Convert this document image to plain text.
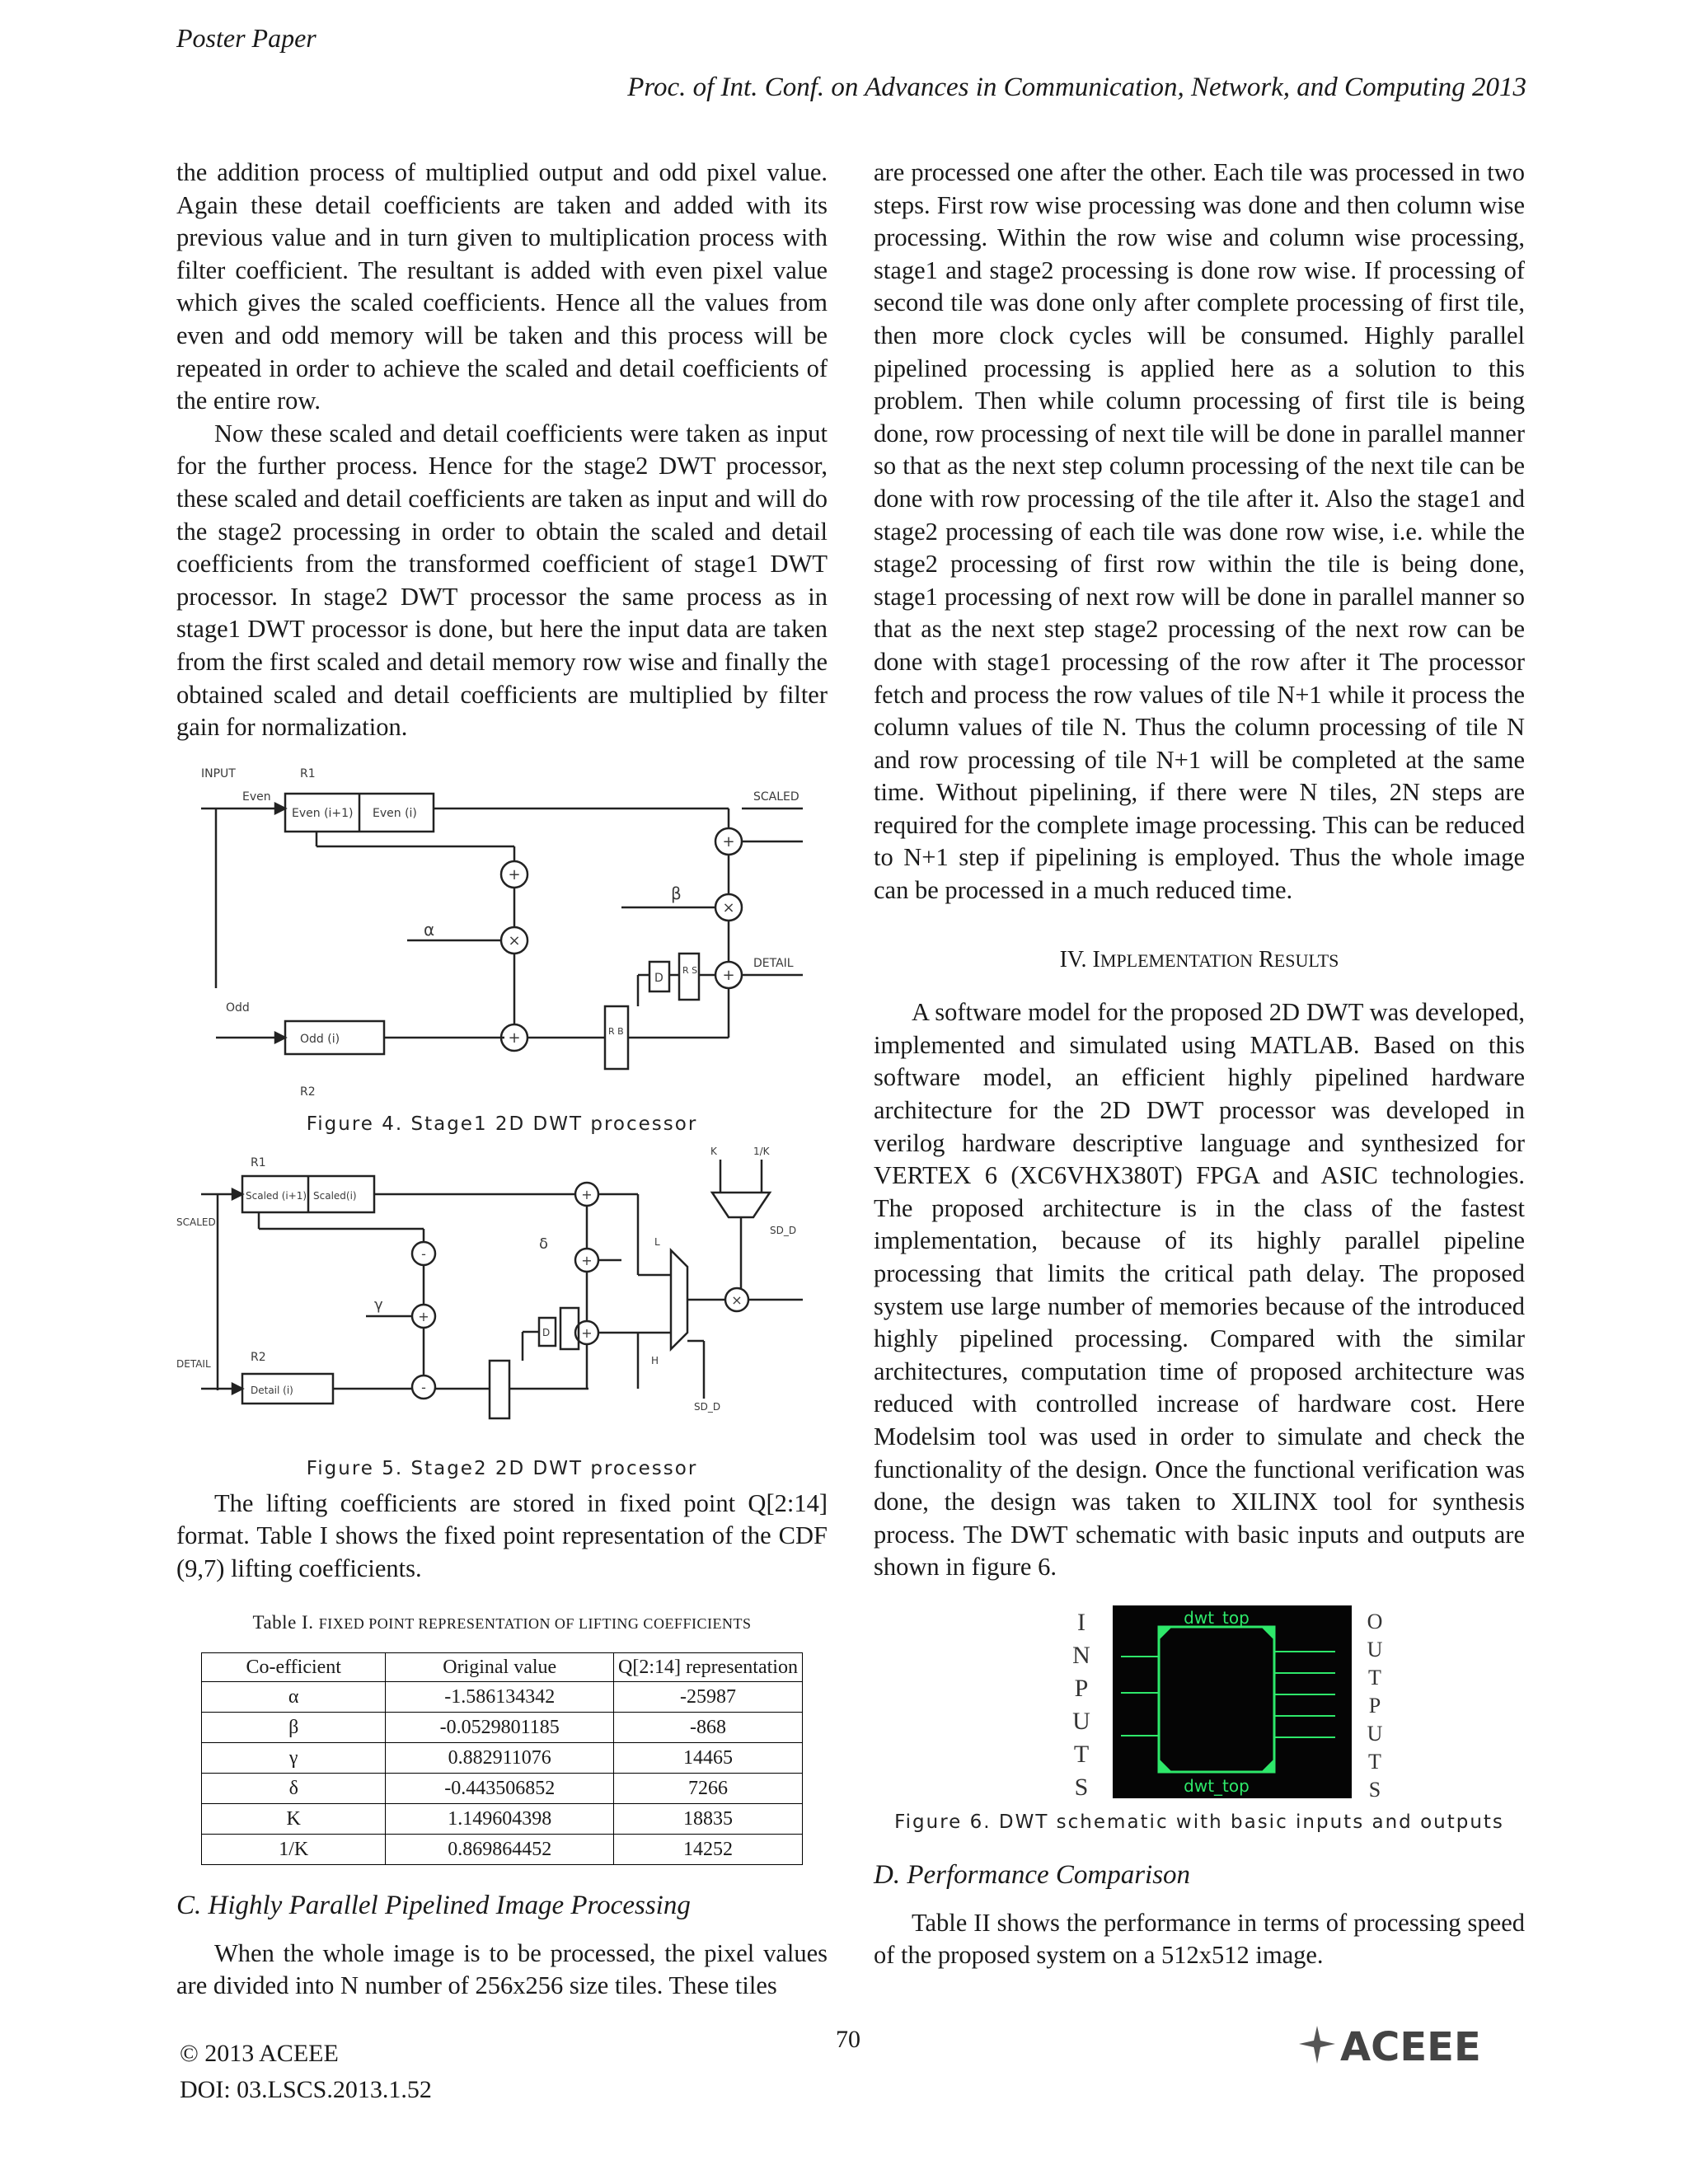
Poster Paper
Proc. of Int. Conf. on Advances in Communication, Network, and Computing 2013

the addition process of multiplied output and odd pixel value. Again these detail coefficients are taken and added with its previous value and in turn given to multiplication process with filter coefficient. The resultant is added with even pixel value which gives the scaled coefficients. Hence all the values from even and odd memory will be taken and this process will be repeated in order to achieve the scaled and detail coefficients of the entire row.

Now these scaled and detail coefficients were taken as input for the further process. Hence for the stage2 DWT processor, these scaled and detail coefficients are taken as input and will do the stage2 processing in order to obtain the scaled and detail coefficients from the transformed coefficient of stage1 DWT processor. In stage2 DWT processor the same process as in stage1 DWT processor is done, but here the input data are taken from the first scaled and detail memory row wise and finally the obtained scaled and detail coefficients are multiplied by filter gain for normalization.

INPUT	R1
Even
Even (i+1) Even (i)
SCALED
β
α
Odd
Odd (i)
DETAIL
R2
D
R B
R S
+
×
+
+
×
+
Figure 4. Stage1 2D DWT processor
R1
Scaled (i+1) Scaled(i)
SCALED
K	1/K
SD_D
δ
γ
L
H
DETAIL	R2
Detail (i)
SD_D
D
-
+
-
+
+
+
×
Figure 5. Stage2 2D DWT processor

The lifting coefficients are stored in fixed point Q[2:14] format. Table I shows the fixed point representation of the CDF (9,7) lifting coefficients.

Table I. FIXED POINT REPRESENTATION OF LIFTING COEFFICIENTS
Co-efficient	Original value	Q[2:14] representation
α	-1.586134342	-25987
β	-0.0529801185	-868
γ	0.882911076	14465
δ	-0.443506852	7266
K	1.149604398	18835
1/K	0.869864452	14252
C. Highly Parallel Pipelined Image Processing

When the whole image is to be processed, the pixel values are divided into N number of 256x256 size tiles. These tiles

are processed one after the other. Each tile was processed in two steps. First row wise processing was done and then column wise processing. Within the row wise and column wise processing, stage1 and stage2 processing is done row wise. If processing of second tile was done only after complete processing of first tile, then more clock cycles will be consumed. Highly parallel pipelined processing is applied here as a solution to this problem. Then while column processing of first tile is being done, row processing of next tile will be done in parallel manner so that as the next step column processing of the next tile can be done with row processing of the tile after it. Also the stage1 and stage2 processing of each tile was done row wise, i.e. while the stage2 processing of first row within the tile is being done, stage1 processing of next row will be done in parallel manner so that as the next step stage2 processing of the next row can be done with stage1 processing of the row after it The processor fetch and process the row values of tile N+1 while it process the column values of tile N. Thus the column processing of tile N and row processing of tile N+1 will be completed at the same time. Without pipelining, if there were N tiles, 2N steps are required for the complete image processing. This can be reduced to N+1 step if pipelining is employed. Thus the whole image can be processed in a much reduced time.

IV. IMPLEMENTATION RESULTS

A software model for the proposed 2D DWT was developed, implemented and simulated using MATLAB. Based on this software model, an efficient highly pipelined hardware architecture for the 2D DWT processor was developed in verilog hardware descriptive language and synthesized for VERTEX 6 (XC6VHX380T) FPGA and ASIC technologies. The proposed architecture is in the class of the fastest implementation, because of its highly parallel pipeline processing that limits the critical path delay. The proposed system use large number of memories because of the introduced highly pipelined processing. Compared with the similar architectures, computation time of proposed architecture was reduced with controlled increase of hardware cost. Here Modelsim tool was used in order to simulate and check the functionality of the design. Once the functional verification was done, the design was taken to XILINX tool for synthesis process. The DWT schematic with basic inputs and outputs are shown in figure 6.

I
N
P
U
T
S
O
U
T
P
U
T
S
dwt_top
dwt_top
Figure 6. DWT schematic with basic inputs and outputs
D. Performance Comparison

Table II shows the performance in terms of processing speed of the proposed system on a 512x512 image.

© 2013 ACEEE
DOI: 03.LSCS.2013.1.52
70	ACEEE
